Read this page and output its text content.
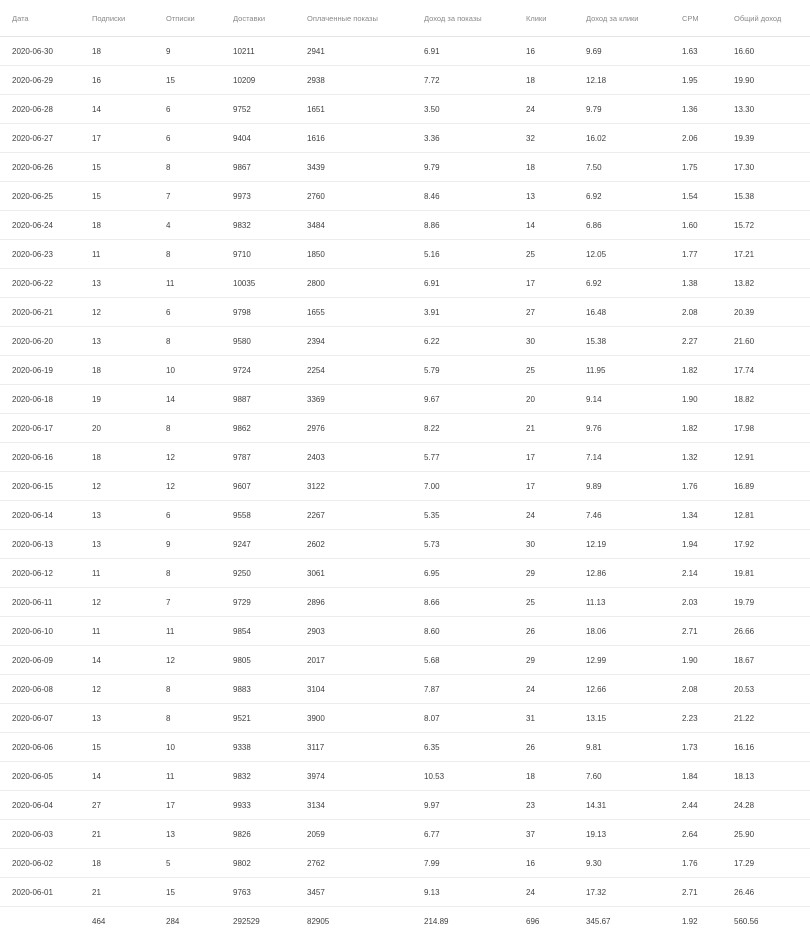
Дата	Подписки	Отписки	Доставки	Оплаченные показы	Доход за показы	Клики	Доход за клики	CPM	Общий доход
2020-06-30	18	9	10211	2941	6.91	16	9.69	1.63	16.60
2020-06-29	16	15	10209	2938	7.72	18	12.18	1.95	19.90
2020-06-28	14	6	9752	1651	3.50	24	9.79	1.36	13.30
2020-06-27	17	6	9404	1616	3.36	32	16.02	2.06	19.39
2020-06-26	15	8	9867	3439	9.79	18	7.50	1.75	17.30
2020-06-25	15	7	9973	2760	8.46	13	6.92	1.54	15.38
2020-06-24	18	4	9832	3484	8.86	14	6.86	1.60	15.72
2020-06-23	11	8	9710	1850	5.16	25	12.05	1.77	17.21
2020-06-22	13	11	10035	2800	6.91	17	6.92	1.38	13.82
2020-06-21	12	6	9798	1655	3.91	27	16.48	2.08	20.39
2020-06-20	13	8	9580	2394	6.22	30	15.38	2.27	21.60
2020-06-19	18	10	9724	2254	5.79	25	11.95	1.82	17.74
2020-06-18	19	14	9887	3369	9.67	20	9.14	1.90	18.82
2020-06-17	20	8	9862	2976	8.22	21	9.76	1.82	17.98
2020-06-16	18	12	9787	2403	5.77	17	7.14	1.32	12.91
2020-06-15	12	12	9607	3122	7.00	17	9.89	1.76	16.89
2020-06-14	13	6	9558	2267	5.35	24	7.46	1.34	12.81
2020-06-13	13	9	9247	2602	5.73	30	12.19	1.94	17.92
2020-06-12	11	8	9250	3061	6.95	29	12.86	2.14	19.81
2020-06-11	12	7	9729	2896	8.66	25	11.13	2.03	19.79
2020-06-10	11	11	9854	2903	8.60	26	18.06	2.71	26.66
2020-06-09	14	12	9805	2017	5.68	29	12.99	1.90	18.67
2020-06-08	12	8	9883	3104	7.87	24	12.66	2.08	20.53
2020-06-07	13	8	9521	3900	8.07	31	13.15	2.23	21.22
2020-06-06	15	10	9338	3117	6.35	26	9.81	1.73	16.16
2020-06-05	14	11	9832	3974	10.53	18	7.60	1.84	18.13
2020-06-04	27	17	9933	3134	9.97	23	14.31	2.44	24.28
2020-06-03	21	13	9826	2059	6.77	37	19.13	2.64	25.90
2020-06-02	18	5	9802	2762	7.99	16	9.30	1.76	17.29
2020-06-01	21	15	9763	3457	9.13	24	17.32	2.71	26.46
	464	284	292529	82905	214.89	696	345.67	1.92	560.56
